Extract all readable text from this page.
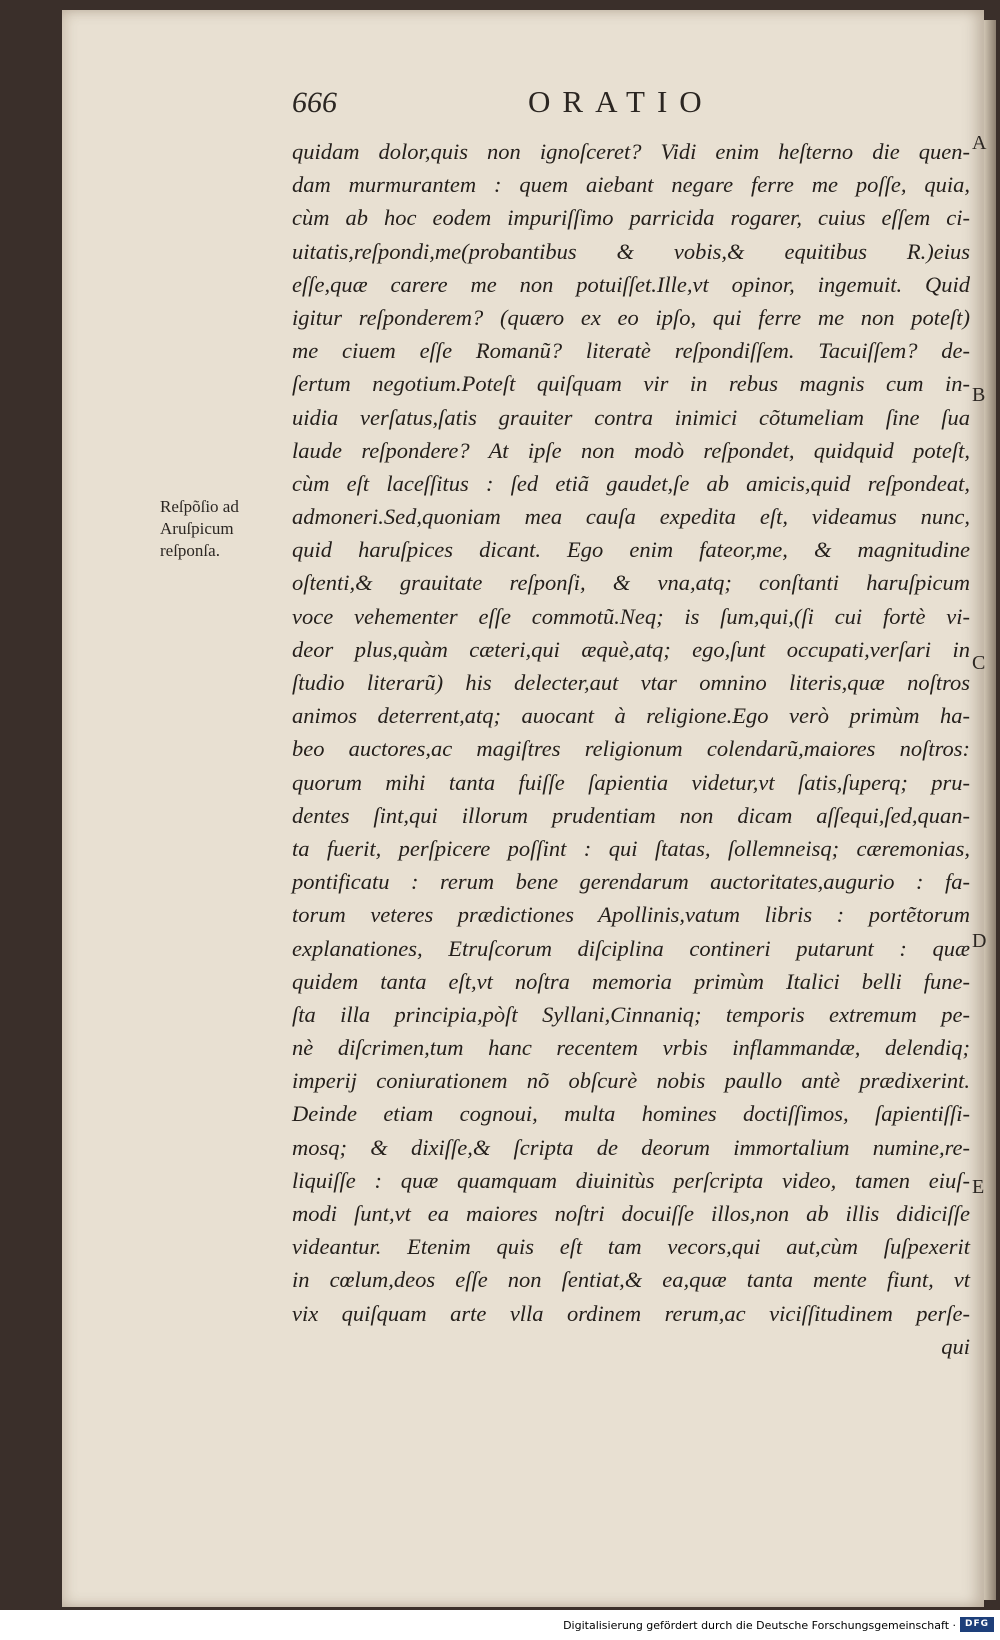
666	ORATIO
Reſpõſio ad
Aruſpicum
reſponſa.
A
B
C
D
E
quidam dolor,quis non ignoſceret? Vidi enim heſterno die quen-
dam murmurantem : quem aiebant negare ferre me poſſe, quia,
cùm ab hoc eodem impuriſſimo parricida rogarer, cuius eſſem ci-
uitatis,reſpondi,me(probantibus & vobis,& equitibus R.)eius
eſſe,quæ carere me non potuiſſet.Ille,vt opinor, ingemuit. Quid
igitur reſponderem? (quæro ex eo ipſo, qui ferre me non poteſt)
me ciuem eſſe Romanũ? literatè reſpondiſſem. Tacuiſſem? de-
ſertum negotium.Poteſt quiſquam vir in rebus magnis cum in-
uidia verſatus,ſatis grauiter contra inimici cõtumeliam ſine ſua
laude reſpondere? At ipſe non modò reſpondet, quidquid poteſt,
cùm eſt laceſſitus : ſed etiã gaudet,ſe ab amicis,quid reſpondeat,
admoneri.Sed,quoniam mea cauſa expedita eſt, videamus nunc,
quid haruſpices dicant. Ego enim fateor,me, & magnitudine
oſtenti,& grauitate reſponſi, & vna,atq; conſtanti haruſpicum
voce vehementer eſſe commotũ.Neq; is ſum,qui,(ſi cui fortè vi-
deor plus,quàm cæteri,qui æquè,atq; ego,ſunt occupati,verſari in
ſtudio literarũ) his delecter,aut vtar omnino literis,quæ noſtros
animos deterrent,atq; auocant à religione.Ego verò primùm ha-
beo auctores,ac magiſtres religionum colendarũ,maiores noſtros:
quorum mihi tanta fuiſſe ſapientia videtur,vt ſatis,ſuperq; pru-
dentes ſint,qui illorum prudentiam non dicam aſſequi,ſed,quan-
ta fuerit, perſpicere poſſint : qui ſtatas, ſollemneisq; cæremonias,
pontificatu : rerum bene gerendarum auctoritates,augurio : fa-
torum veteres prædictiones Apollinis,vatum libris : portẽtorum
explanationes, Etruſcorum diſciplina contineri putarunt : quæ
quidem tanta eſt,vt noſtra memoria primùm Italici belli fune-
ſta illa principia,pòſt Syllani,Cinnaniq; temporis extremum pe-
nè diſcrimen,tum hanc recentem vrbis inflammandæ, delendiq;
imperij coniurationem nõ obſcurè nobis paullo antè prædixerint.
Deinde etiam cognoui, multa homines doctiſſimos, ſapientiſſi-
mosq; & dixiſſe,& ſcripta de deorum immortalium numine,re-
liquiſſe : quæ quamquam diuinitùs perſcripta video, tamen eiuſ-
modi ſunt,vt ea maiores noſtri docuiſſe illos,non ab illis didiciſſe
videantur. Etenim quis eſt tam vecors,qui aut,cùm ſuſpexerit
in cœlum,deos eſſe non ſentiat,& ea,quæ tanta mente fiunt, vt
vix quiſquam arte vlla ordinem rerum,ac viciſſitudinem perſe-
qui
Digitalisierung gefördert durch die Deutsche Forschungsgemeinschaft · DFG
